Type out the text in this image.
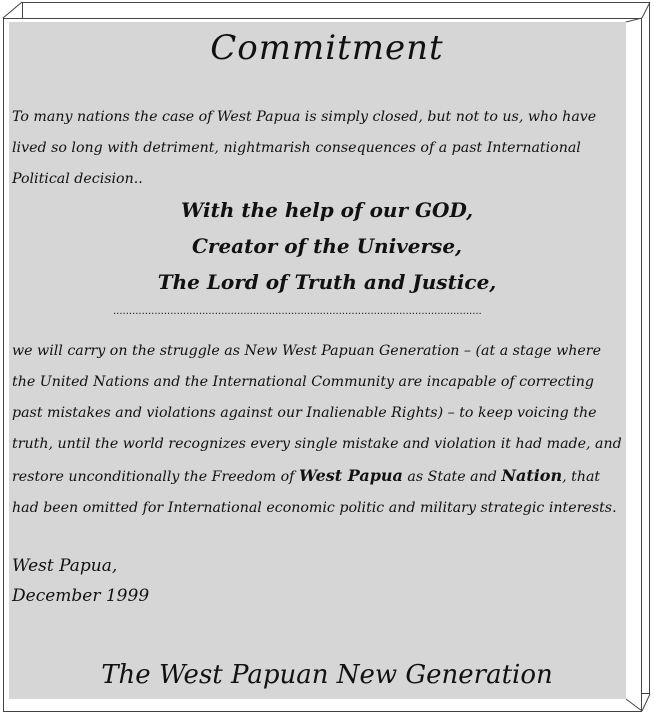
Commitment
To many nations the case of West Papua is simply closed, but not to us, who have lived so long with detriment, nightmarish consequences of a past International Political decision..
With the help of our GOD,
Creator of the Universe,
The Lord of Truth and Justice,
....................................................................................................................
we will carry on the struggle as New West Papuan Generation – (at a stage where the United Nations and the International Community are incapable of correcting past mistakes and violations against our Inalienable Rights) – to keep voicing the truth, until the world recognizes every single mistake and violation it had made, and restore unconditionally the Freedom of West Papua as State and Nation, that had been omitted for International economic politic and military strategic interests.
West Papua,
December 1999
The West Papuan New Generation
